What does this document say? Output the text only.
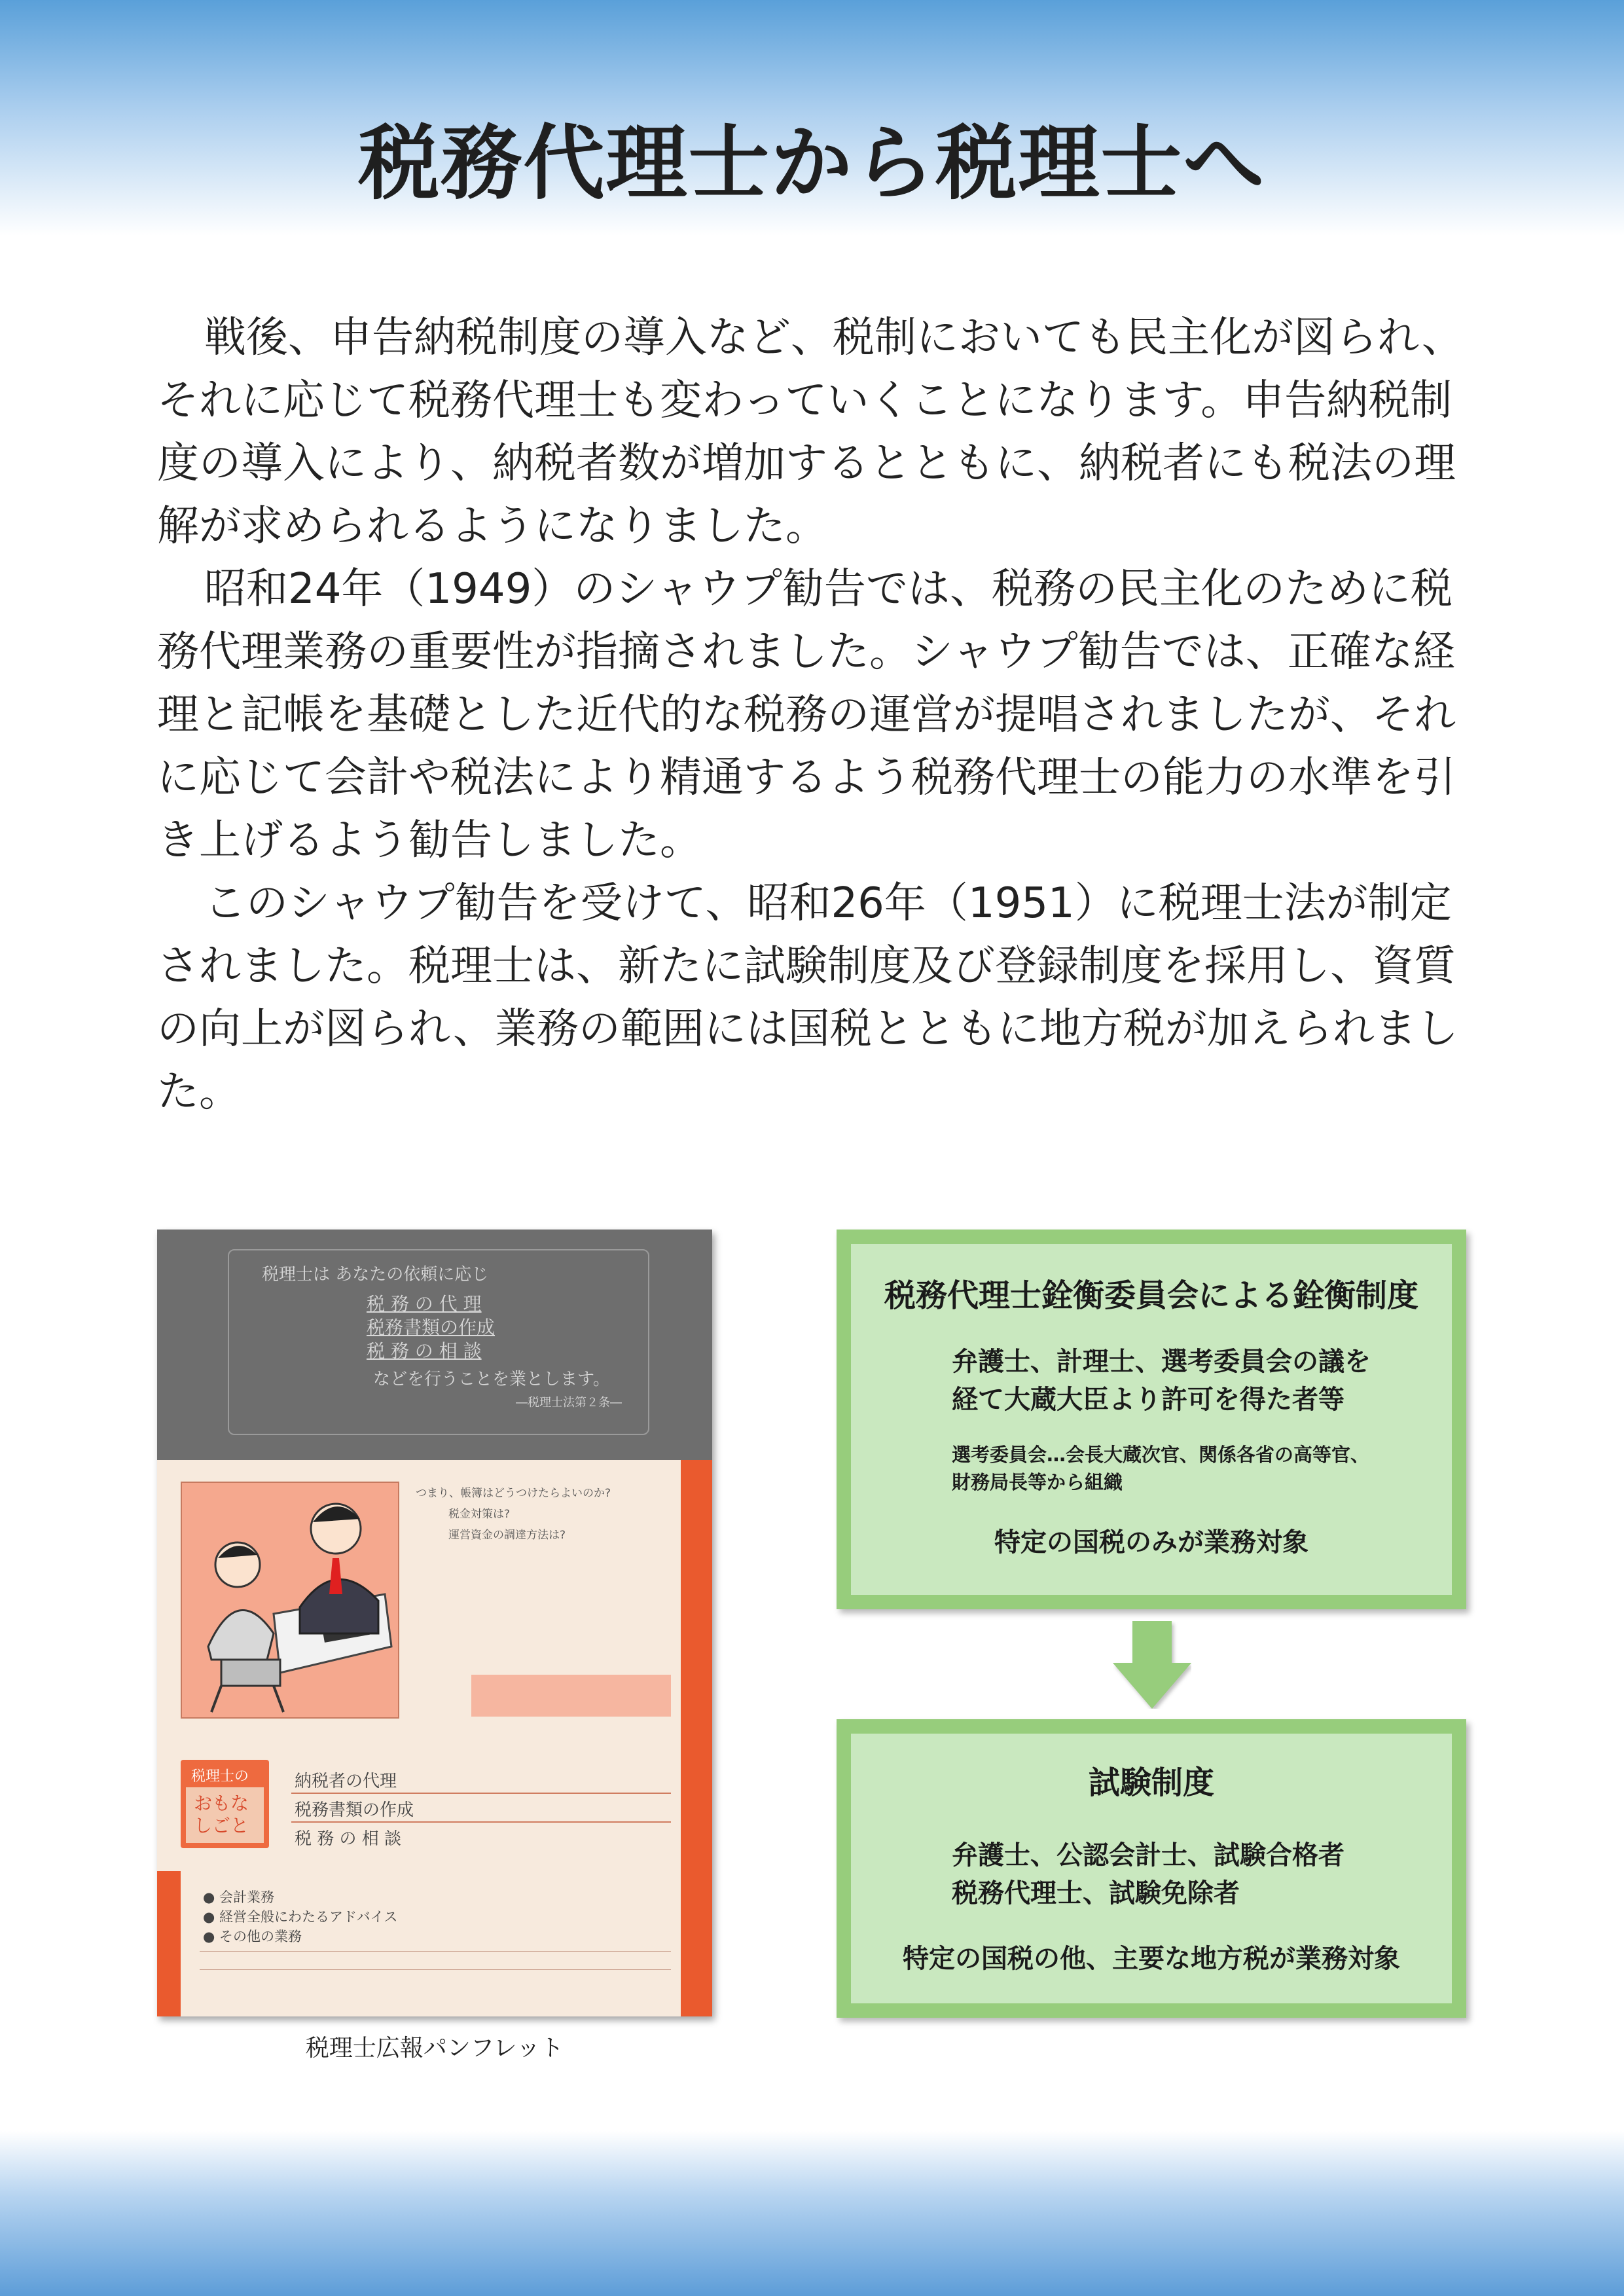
税務代理士から税理士へ

戦後、申告納税制度の導入など、税制においても民主化が図られ、それに応じて税務代理士も変わっていくことになります。申告納税制度の導入により、納税者数が増加するとともに、納税者にも税法の理解が求められるようになりました。

昭和24年（1949）のシャウプ勧告では、税務の民主化のために税務代理業務の重要性が指摘されました。シャウプ勧告では、正確な経理と記帳を基礎とした近代的な税務の運営が提唱されましたが、それに応じて会計や税法により精通するよう税務代理士の能力の水準を引き上げるよう勧告しました。

このシャウプ勧告を受けて、昭和26年（1951）に税理士法が制定されました。税理士は、新たに試験制度及び登録制度を採用し、資質の向上が図られ、業務の範囲には国税とともに地方税が加えられました。

税理士は あなたの依頼に応じ
税 務 の 代 理
税務書類の作成
税 務 の 相 談
などを行うことを業とします。
―税理士法第２条―
つまり、帳簿はどうつけたらよいのか?
税金対策は?
運営資金の調達方法は?
税理士の
おもな しごと
納税者の代理
税務書類の作成
税 務 の 相 談
● 会計業務
● 経営全般にわたるアドバイス
● その他の業務
税理士広報パンフレット
税務代理士銓衡委員会による銓衡制度
弁護士、計理士、選考委員会の議を
経て大蔵大臣より許可を得た者等
選考委員会…会長大蔵次官、関係各省の高等官、
財務局長等から組織
特定の国税のみが業務対象
試験制度
弁護士、公認会計士、試験合格者
税務代理士、試験免除者
特定の国税の他、主要な地方税が業務対象
